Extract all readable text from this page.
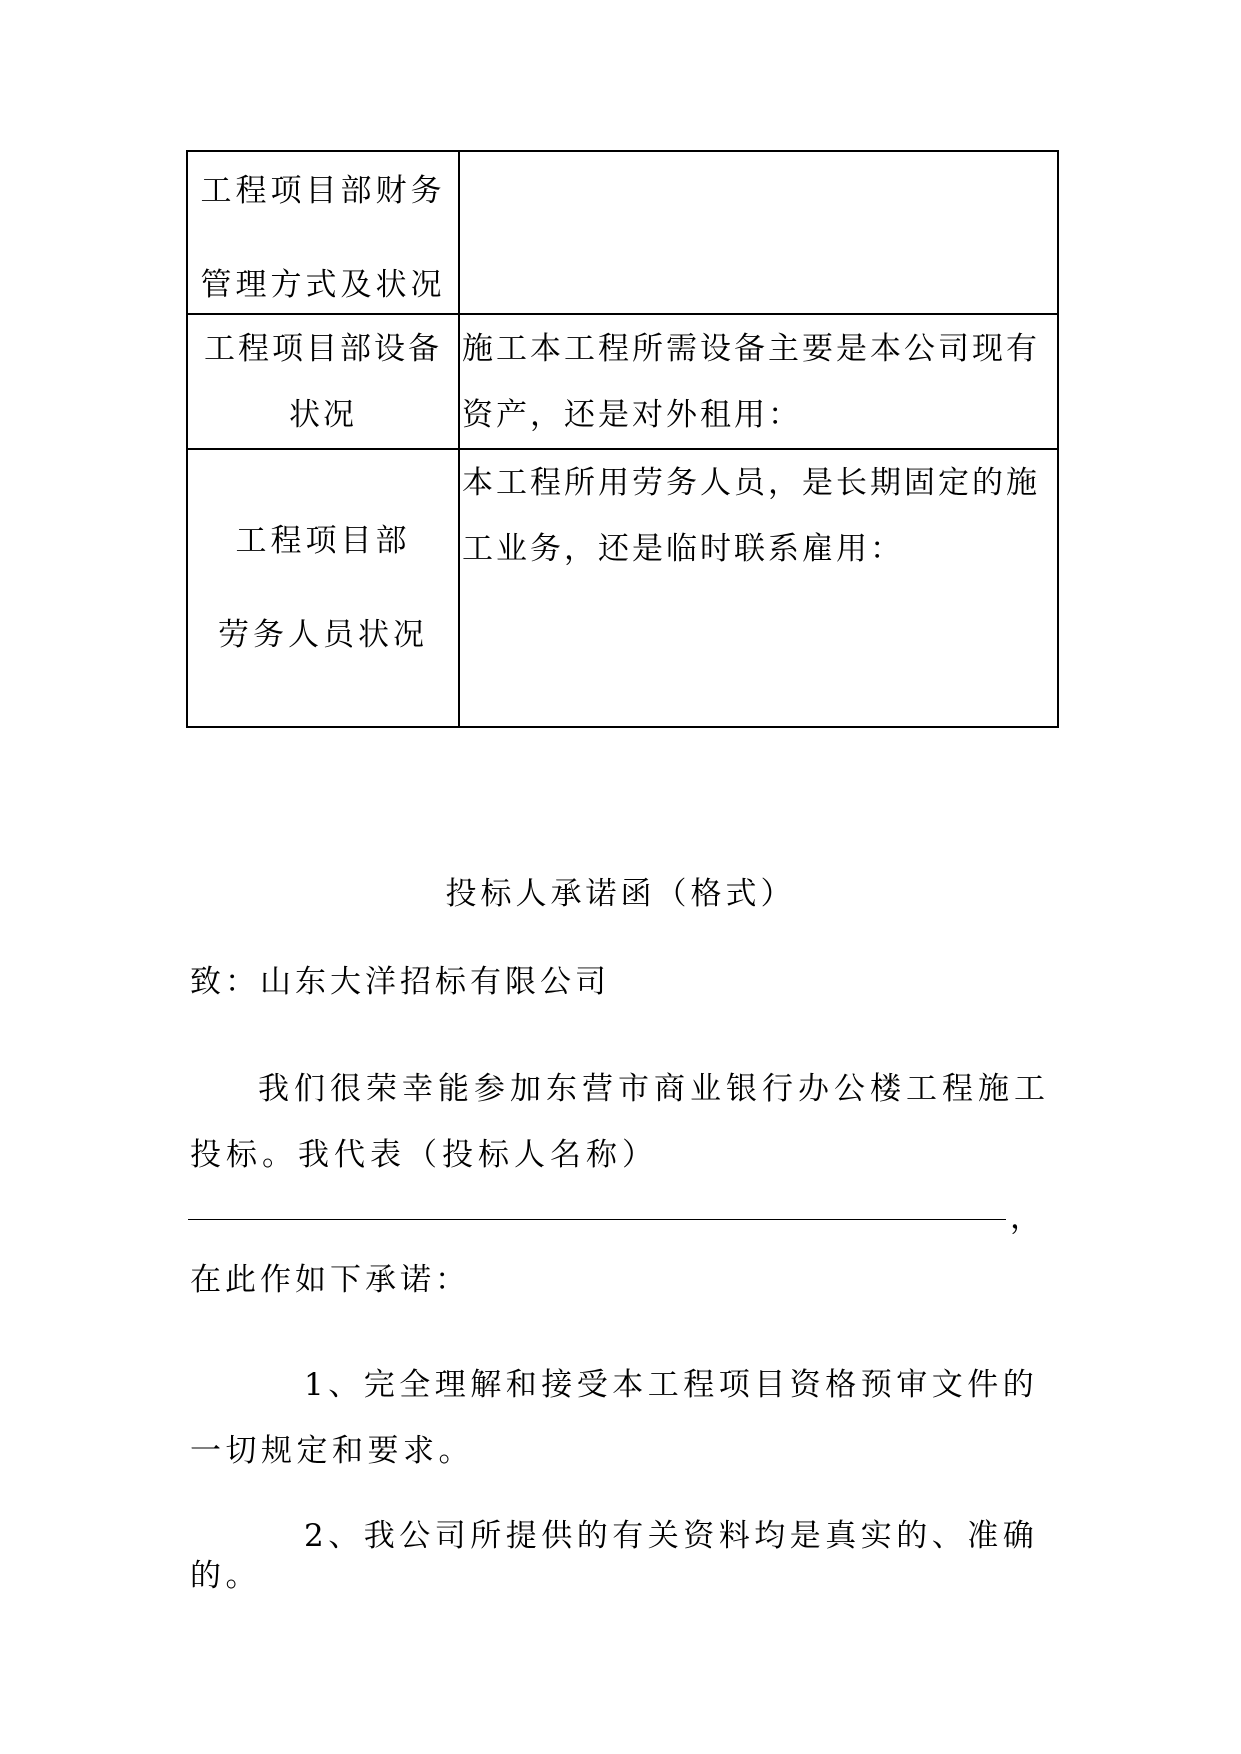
工程项目部财务
管理方式及状况	

工程项目部设备状况	施工本工程所需设备主要是本公司现有资产，还是对外租用：

工程项目部
劳务人员状况	本工程所用劳务人员，是长期固定的施工业务，还是临时联系雇用：
投标人承诺函（格式）
致：山东大洋招标有限公司
我们很荣幸能参加东营市商业银行办公楼工程施工投标。我代表（投标人名称）
，
在此作如下承诺：
1、完全理解和接受本工程项目资格预审文件的一切规定和要求。
2、我公司所提供的有关资料均是真实的、准确的。
